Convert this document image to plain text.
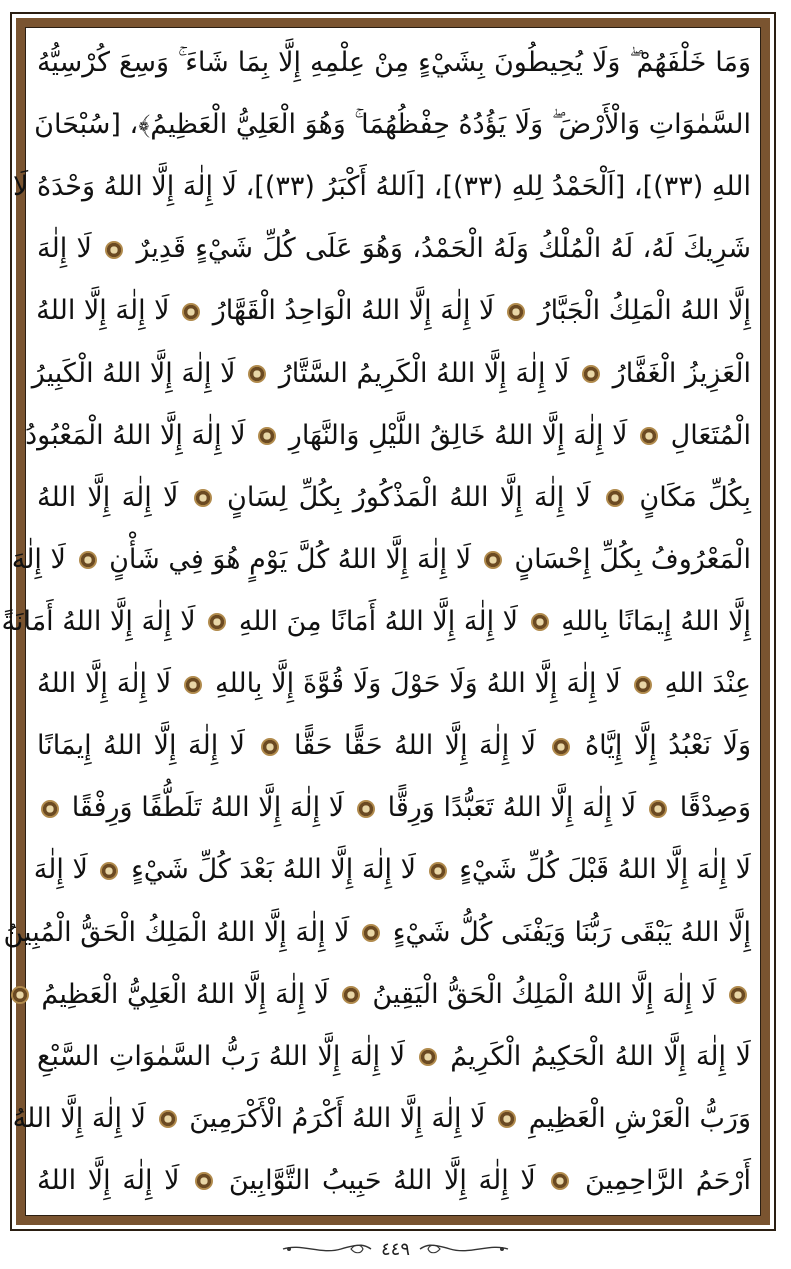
وَمَا خَلْفَهُمْ ۖ وَلَا يُحِيطُونَ بِشَيْءٍ مِنْ عِلْمِهِ إِلَّا بِمَا شَاءَ ۚ وَسِعَ كُرْسِيُّهُ
السَّمٰوَاتِ وَالْأَرْضَ ۖ وَلَا يَؤُدُهُ حِفْظُهُمَا ۚ وَهُوَ الْعَلِيُّ الْعَظِيمُ﴾، [سُبْحَانَ
اللهِ (٣٣)]، [اَلْحَمْدُ لِلهِ (٣٣)]، [اَللهُ أَكْبَرُ (٣٣)]، لَا إِلٰهَ إِلَّا اللهُ وَحْدَهُ لَا
شَرِيكَ لَهُ، لَهُ الْمُلْكُ وَلَهُ الْحَمْدُ، وَهُوَ عَلَى كُلِّ شَيْءٍ قَدِيرٌ  لَا إِلٰهَ
إِلَّا اللهُ الْمَلِكُ الْجَبَّارُ  لَا إِلٰهَ إِلَّا اللهُ الْوَاحِدُ الْقَهَّارُ  لَا إِلٰهَ إِلَّا اللهُ
الْعَزِيزُ الْغَفَّارُ  لَا إِلٰهَ إِلَّا اللهُ الْكَرِيمُ السَّتَّارُ  لَا إِلٰهَ إِلَّا اللهُ الْكَبِيرُ
الْمُتَعَالِ  لَا إِلٰهَ إِلَّا اللهُ خَالِقُ اللَّيْلِ وَالنَّهَارِ  لَا إِلٰهَ إِلَّا اللهُ الْمَعْبُودُ
بِكُلِّ مَكَانٍ  لَا إِلٰهَ إِلَّا اللهُ الْمَذْكُورُ بِكُلِّ لِسَانٍ  لَا إِلٰهَ إِلَّا اللهُ
الْمَعْرُوفُ بِكُلِّ إِحْسَانٍ  لَا إِلٰهَ إِلَّا اللهُ كُلَّ يَوْمٍ هُوَ فِي شَأْنٍ  لَا إِلٰهَ
إِلَّا اللهُ إِيمَانًا بِاللهِ  لَا إِلٰهَ إِلَّا اللهُ أَمَانًا مِنَ اللهِ  لَا إِلٰهَ إِلَّا اللهُ أَمَانَةً
عِنْدَ اللهِ  لَا إِلٰهَ إِلَّا اللهُ وَلَا حَوْلَ وَلَا قُوَّةَ إِلَّا بِاللهِ  لَا إِلٰهَ إِلَّا اللهُ
وَلَا نَعْبُدُ إِلَّا إِيَّاهُ  لَا إِلٰهَ إِلَّا اللهُ حَقًّا حَقًّا  لَا إِلٰهَ إِلَّا اللهُ إِيمَانًا
وَصِدْقًا  لَا إِلٰهَ إِلَّا اللهُ تَعَبُّدًا وَرِقًّا  لَا إِلٰهَ إِلَّا اللهُ تَلَطُّفًا وَرِفْقًا
لَا إِلٰهَ إِلَّا اللهُ قَبْلَ كُلِّ شَيْءٍ  لَا إِلٰهَ إِلَّا اللهُ بَعْدَ كُلِّ شَيْءٍ  لَا إِلٰهَ
إِلَّا اللهُ يَبْقَى رَبُّنَا وَيَفْنَى كُلُّ شَيْءٍ  لَا إِلٰهَ إِلَّا اللهُ الْمَلِكُ الْحَقُّ الْمُبِينُ
لَا إِلٰهَ إِلَّا اللهُ الْمَلِكُ الْحَقُّ الْيَقِينُ  لَا إِلٰهَ إِلَّا اللهُ الْعَلِيُّ الْعَظِيمُ
لَا إِلٰهَ إِلَّا اللهُ الْحَكِيمُ الْكَرِيمُ  لَا إِلٰهَ إِلَّا اللهُ رَبُّ السَّمٰوَاتِ السَّبْعِ
وَرَبُّ الْعَرْشِ الْعَظِيمِ  لَا إِلٰهَ إِلَّا اللهُ أَكْرَمُ الْأَكْرَمِينَ  لَا إِلٰهَ إِلَّا اللهُ
أَرْحَمُ الرَّاحِمِينَ  لَا إِلٰهَ إِلَّا اللهُ حَبِيبُ التَّوَّابِينَ  لَا إِلٰهَ إِلَّا اللهُ
٤٤٩
